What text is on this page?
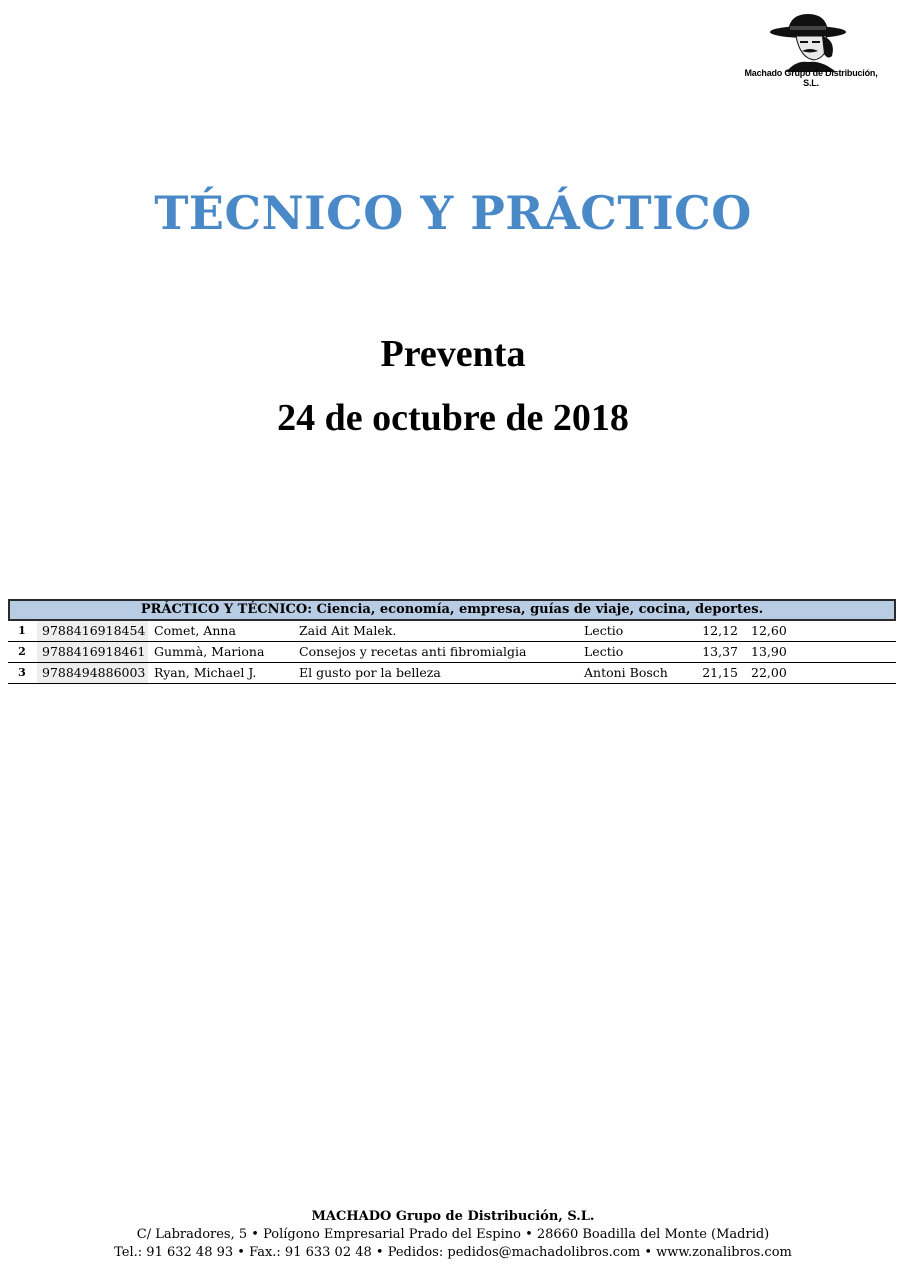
Machado Grupo de Distribución, S.L.
TÉCNICO Y PRÁCTICO
Preventa
24 de octubre de 2018
PRÁCTICO Y TÉCNICO: Ciencia, economía, empresa, guías de viaje, cocina, deportes.
1	9788416918454 Comet, Anna	Zaid Ait Malek.	Lectio	12,12 12,60
2	9788416918461 Gummà, Mariona	Consejos y recetas anti fibromialgia	Lectio	13,37 13,90
3	9788494886003 Ryan, Michael J.	El gusto por la belleza	Antoni Bosch	21,15 22,00
MACHADO Grupo de Distribución, S.L.
C/ Labradores, 5 • Polígono Empresarial Prado del Espino • 28660 Boadilla del Monte (Madrid)
Tel.: 91 632 48 93 • Fax.: 91 633 02 48 • Pedidos: pedidos@machadolibros.com • www.zonalibros.com
